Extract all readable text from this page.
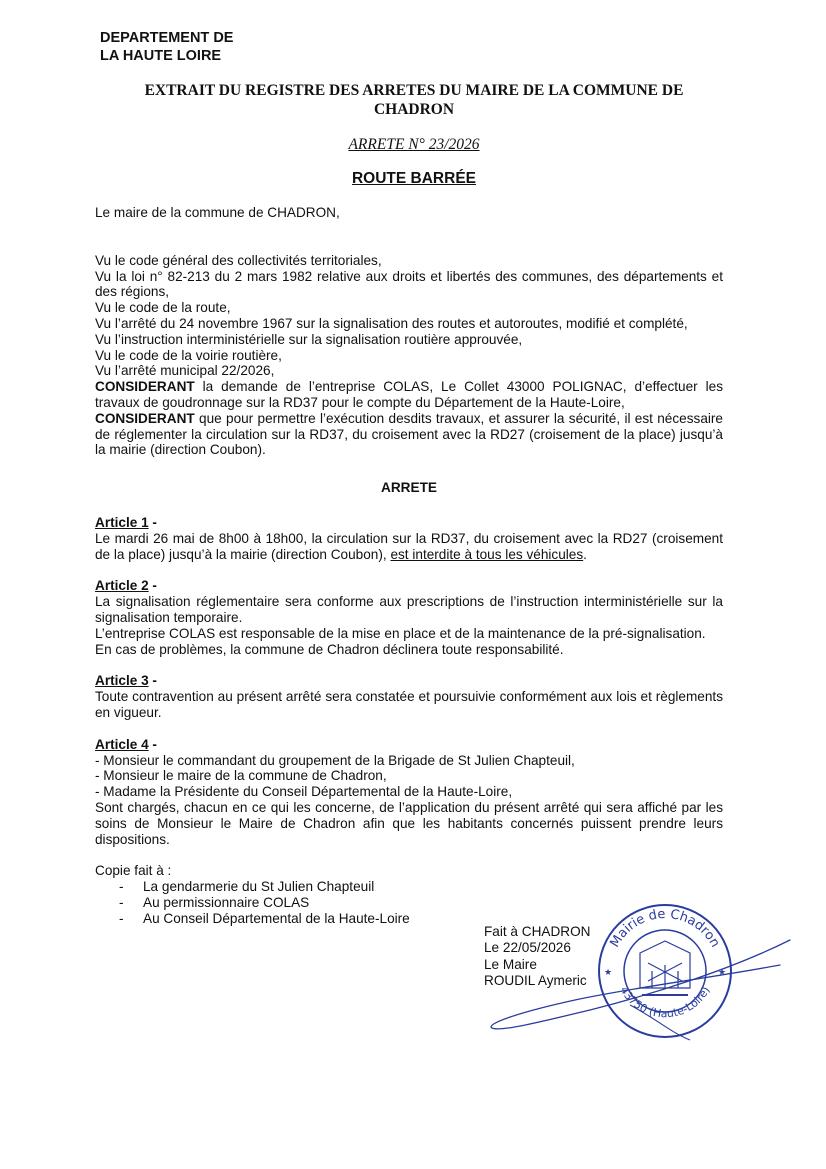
DEPARTEMENT DE
LA HAUTE LOIRE
EXTRAIT DU REGISTRE DES ARRETES DU MAIRE DE LA COMMUNE DE
CHADRON
ARRETE N° 23/2026
ROUTE BARRÉE

Le maire de la commune de CHADRON,

Vu le code général des collectivités territoriales,

Vu la loi n° 82-213 du 2 mars 1982 relative aux droits et libertés des communes, des départements et des régions,

Vu le code de la route,

Vu l’arrêté du 24 novembre 1967 sur la signalisation des routes et autoroutes, modifié et complété,

Vu l’instruction interministérielle sur la signalisation routière approuvée,

Vu le code de la voirie routière,

Vu l’arrêté municipal 22/2026,

CONSIDERANT la demande de l’entreprise COLAS, Le Collet 43000 POLIGNAC, d’effectuer les travaux de goudronnage sur la RD37 pour le compte du Département de la Haute-Loire,

CONSIDERANT que pour permettre l’exécution desdits travaux, et assurer la sécurité, il est nécessaire de réglementer la circulation sur la RD37, du croisement avec la RD27 (croisement de la place) jusqu’à la mairie (direction Coubon).

ARRETE

Article 1 -

Le mardi 26 mai de 8h00 à 18h00, la circulation sur la RD37, du croisement avec la RD27 (croisement de la place) jusqu’à la mairie (direction Coubon), est interdite à tous les véhicules.

Article 2 -

La signalisation réglementaire sera conforme aux prescriptions de l’instruction interministérielle sur la signalisation temporaire.

L’entreprise COLAS est responsable de la mise en place et de la maintenance de la pré-signalisation.

En cas de problèmes, la commune de Chadron déclinera toute responsabilité.

Article 3 -

Toute contravention au présent arrêté sera constatée et poursuivie conformément aux lois et règlements en vigueur.

Article 4 -

- Monsieur le commandant du groupement de la Brigade de St Julien Chapteuil,

- Monsieur le maire de la commune de Chadron,

- Madame la Présidente du Conseil Départemental de la Haute-Loire,

Sont chargés, chacun en ce qui les concerne, de l’application du présent arrêté qui sera affiché par les soins de Monsieur le Maire de Chadron afin que les habitants concernés puissent prendre leurs dispositions.

Copie fait à :

- La gendarmerie du St Julien Chapteuil
- Au permissionnaire COLAS
- Au Conseil Départemental de la Haute-Loire
Fait à CHADRON
Le 22/05/2026
Le Maire
ROUDIL Aymeric
Mairie de Chadron
43750 (Haute-Loire)
★	★
